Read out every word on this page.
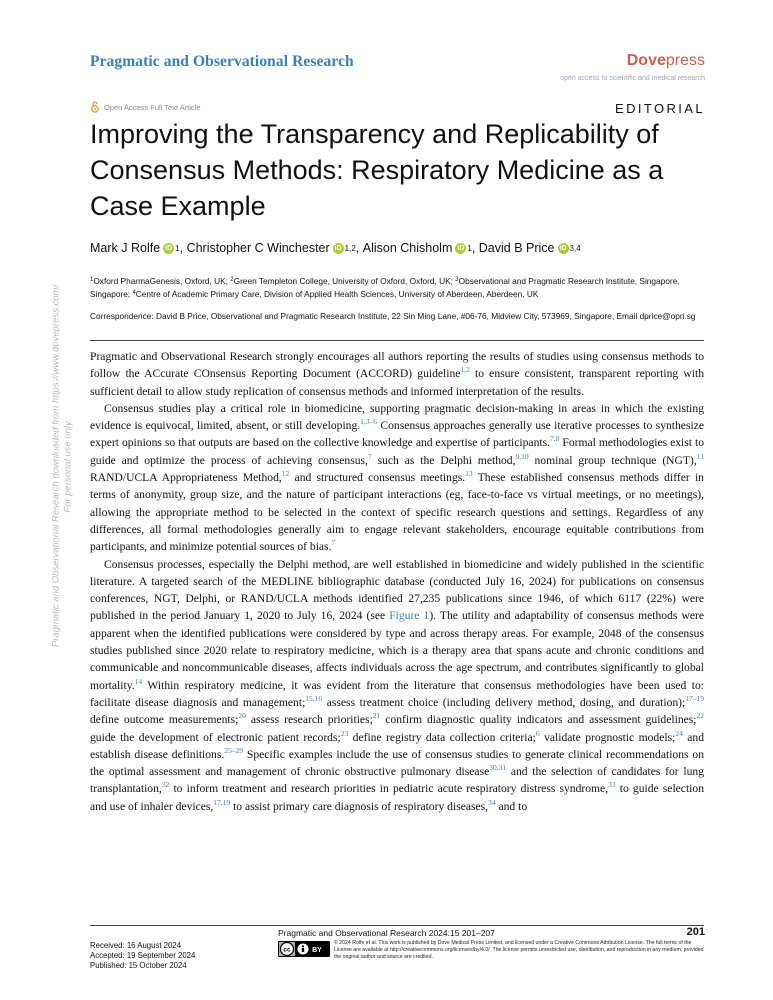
Pragmatic and Observational Research	Dovepress
open access to scientific and medical research
Open Access Full Text Article	EDITORIAL
Improving the Transparency and Replicability of Consensus Methods: Respiratory Medicine as a Case Example
Mark J Rolfe iD 1 , Christopher C Winchester iD 1,2 , Alison Chisholm iD 1 , David B Price iD 3,4
$^1$Oxford PharmaGenesis, Oxford, UK; $^2$Green Templeton College, University of Oxford, Oxford, UK; $^3$Observational and Pragmatic Research Institute, Singapore, Singapore; $^4$Centre of Academic Primary Care, Division of Applied Health Sciences, University of Aberdeen, Aberdeen, UK
Correspondence: David B Price, Observational and Pragmatic Research Institute, 22 Sin Ming Lane, #06-76, Midview City, 573969, Singapore, Email dprice@opri.sg

Pragmatic and Observational Research strongly encourages all authors reporting the results of studies using consensus methods to follow the ACcurate COnsensus Reporting Document (ACCORD) guideline$^{1,2}$ to ensure consistent, transparent reporting with sufficient detail to allow study replication of consensus methods and informed interpretation of the results.

Consensus studies play a critical role in biomedicine, supporting pragmatic decision-making in areas in which the existing evidence is equivocal, limited, absent, or still developing.$^{1,3-6}$ Consensus approaches generally use iterative processes to synthesize expert opinions so that outputs are based on the collective knowledge and expertise of participants.$^{7,8}$ Formal methodologies exist to guide and optimize the process of achieving consensus,$^7$ such as the Delphi method,$^{9,10}$ nominal group technique (NGT),$^{11}$ RAND/UCLA Appropriateness Method,$^{12}$ and structured consensus meetings.$^{13}$ These established consensus methods differ in terms of anonymity, group size, and the nature of participant interactions (eg, face-to-face vs virtual meetings, or no meetings), allowing the appropriate method to be selected in the context of specific research questions and settings. Regardless of any differences, all formal methodologies generally aim to engage relevant stakeholders, encourage equitable contributions from participants, and minimize potential sources of bias.$^7$

Consensus processes, especially the Delphi method, are well established in biomedicine and widely published in the scientific literature. A targeted search of the MEDLINE bibliographic database (conducted July 16, 2024) for publications on consensus conferences, NGT, Delphi, or RAND/UCLA methods identified 27,235 publications since 1946, of which 6117 (22%) were published in the period January 1, 2020 to July 16, 2024 (see Figure 1). The utility and adaptability of consensus methods were apparent when the identified publications were considered by type and across therapy areas. For example, 2048 of the consensus studies published since 2020 relate to respiratory medicine, which is a therapy area that spans acute and chronic conditions and communicable and noncommunicable diseases, affects individuals across the age spectrum, and contributes significantly to global mortality.$^{14}$ Within respiratory medicine, it was evident from the literature that consensus methodologies have been used to: facilitate disease diagnosis and management;$^{15,16}$ assess treatment choice (including delivery method, dosing, and duration);$^{17-19}$ define outcome measurements;$^{20}$ assess research priorities;$^{21}$ confirm diagnostic quality indicators and assessment guidelines;$^{22}$ guide the development of electronic patient records;$^{23}$ define registry data collection criteria;$^6$ validate prognostic models;$^{24}$ and establish disease definitions.$^{25-29}$ Specific examples include the use of consensus studies to generate clinical recommendations on the optimal assessment and management of chronic obstructive pulmonary disease$^{30,31}$ and the selection of candidates for lung transplantation,$^{32}$ to inform treatment and research priorities in pediatric acute respiratory distress syndrome,$^{33}$ to guide selection and use of inhaler devices,$^{17,19}$ to assist primary care diagnosis of respiratory diseases,$^{34}$ and to

Pragmatic and Observational Research downloaded from https://www.dovepress.com/ For personal use only.
Pragmatic and Observational Research 2024:15 201–207	201
Received: 16 August 2024
Accepted: 19 September 2024
Published: 15 October 2024
cc	BY
© 2024 Rolfe et al. This work is published by Dove Medical Press Limited, and licensed under a Creative Commons Attribution License. The full terms of the License are available at http://creativecommons.org/licenses/by/4.0/. The license permits unrestricted use, distribution, and reproduction in any medium, provided the original author and source are credited.
